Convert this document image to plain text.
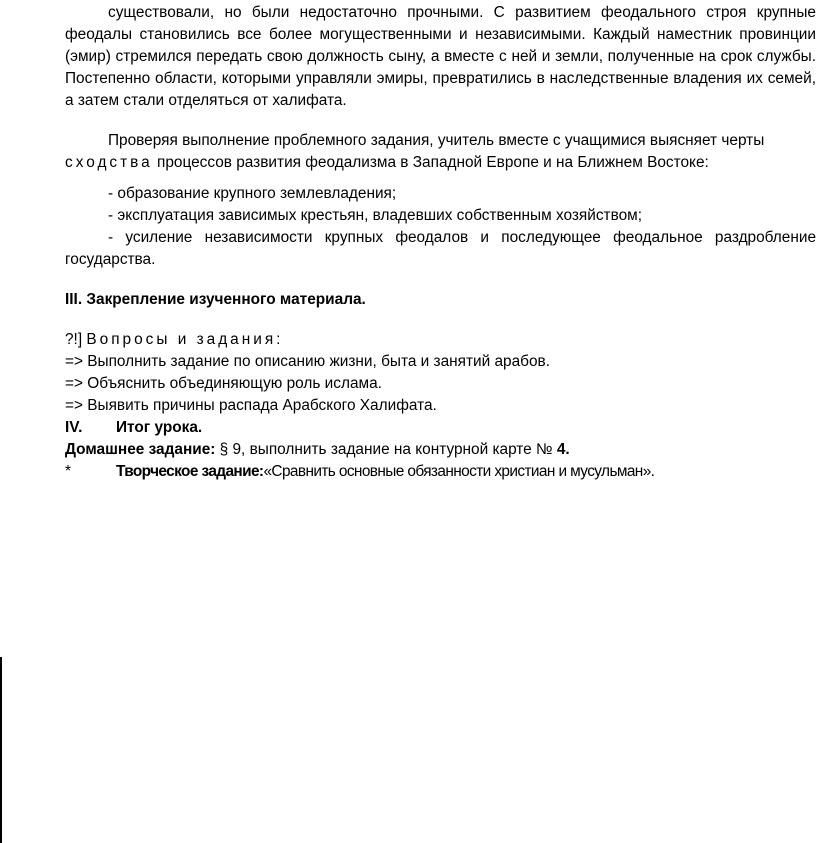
существовали, но были недостаточно прочными. С развитием феодального строя крупные феодалы становились все более могущественными и независимыми. Каждый наместник провинции (эмир) стремился передать свою должность сыну, а вместе с ней и земли, полученные на срок службы. Постепенно области, которыми управляли эмиры, превратились в наследственные владения их семей, а затем стали отделяться от халифата.

Проверяя выполнение проблемного задания, учитель вместе с учащимися выясняет черты
сходства процессов развития феодализма в Западной Европе и на Ближнем Востоке:

- образование крупного землевладения;

- эксплуатация зависимых крестьян, владевших собственным хозяйством;

- усиление независимости крупных феодалов и последующее феодальное раздробление государства.

III. Закрепление изученного материала.

?!] Вопросы и задания:

=> Выполнить задание по описанию жизни, быта и занятий арабов.

=> Объяснить объединяющую роль ислама.

=> Выявить причины распада Арабского Халифата.

IV.	Итог урока.

Домашнее задание: § 9, выполнить задание на контурной карте № 4.

*	Творческое задание: «Сравнить основные обязанности христиан и мусульман».
